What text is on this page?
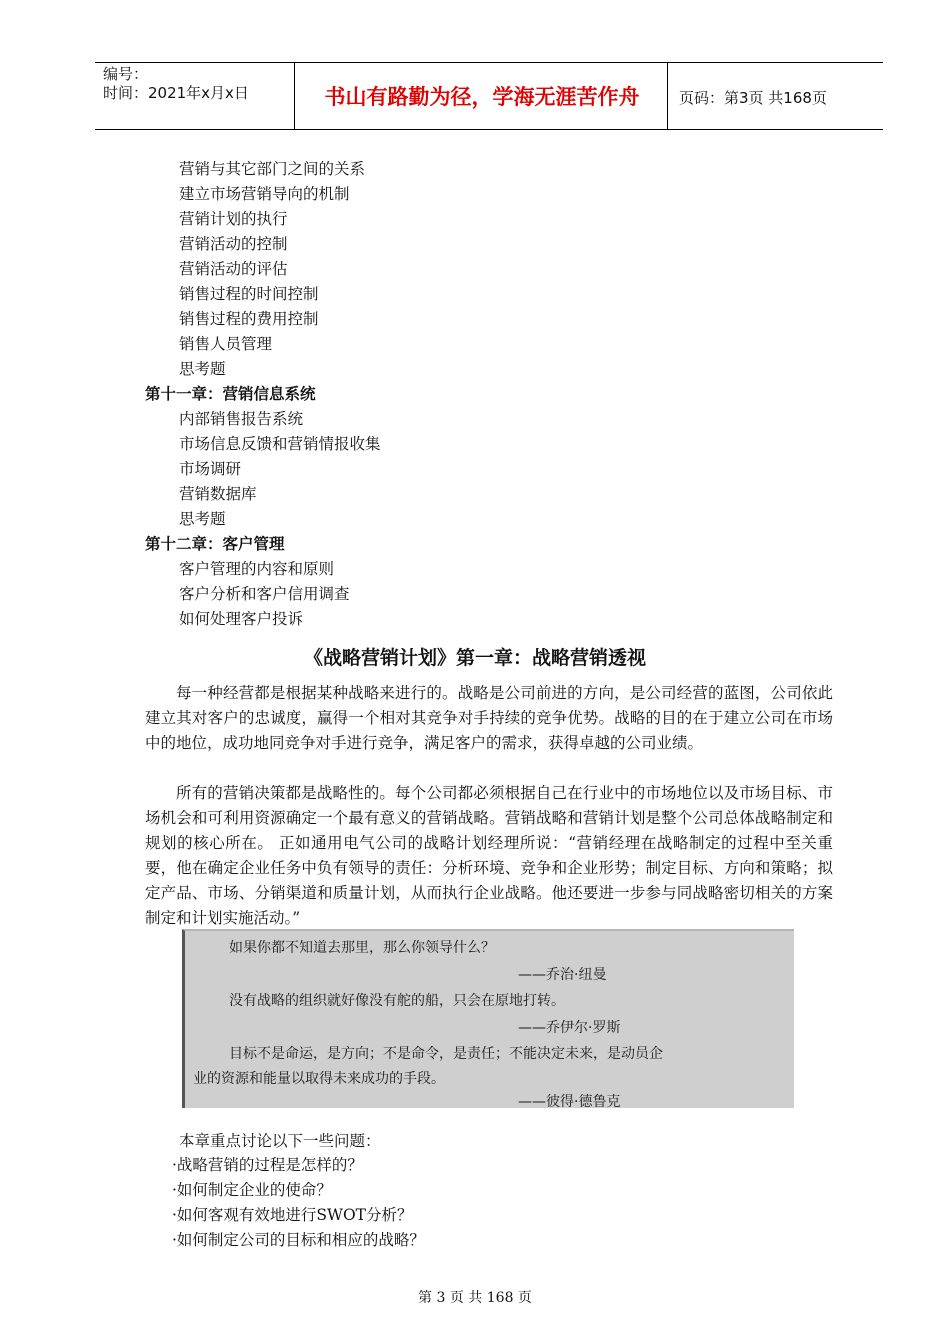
编号：
时间：2021年x月x日	书山有路勤为径，学海无涯苦作舟	页码：第3页 共168页
营销与其它部门之间的关系
建立市场营销导向的机制
营销计划的执行
营销活动的控制
营销活动的评估
销售过程的时间控制
销售过程的费用控制
销售人员管理
思考题
第十一章：营销信息系统
内部销售报告系统
市场信息反馈和营销情报收集
市场调研
营销数据库
思考题
第十二章：客户管理
客户管理的内容和原则
客户分析和客户信用调查
如何处理客户投诉
《战略营销计划》第一章：战略营销透视

每一种经营都是根据某种战略来进行的。战略是公司前进的方向，是公司经营的蓝图，公司依此建立其对客户的忠诚度，赢得一个相对其竞争对手持续的竞争优势。战略的目的在于建立公司在市场中的地位，成功地同竞争对手进行竞争，满足客户的需求，获得卓越的公司业绩。

所有的营销决策都是战略性的。每个公司都必须根据自己在行业中的市场地位以及市场目标、市场机会和可利用资源确定一个最有意义的营销战略。营销战略和营销计划是整个公司总体战略制定和规划的核心所在。 正如通用电气公司的战略计划经理所说：“营销经理在战略制定的过程中至关重要，他在确定企业任务中负有领导的责任：分析环境、竞争和企业形势；制定目标、方向和策略；拟定产品、市场、分销渠道和质量计划，从而执行企业战略。他还要进一步参与同战略密切相关的方案制定和计划实施活动。”

如果你都不知道去那里，那么你领导什么？
——乔治·纽曼
没有战略的组织就好像没有舵的船，只会在原地打转。
——乔伊尔·罗斯
目标不是命运，是方向；不是命令，是责任；不能决定未来，是动员企
业的资源和能量以取得未来成功的手段。
——彼得·德鲁克
本章重点讨论以下一些问题：
·战略营销的过程是怎样的？
·如何制定企业的使命？
·如何客观有效地进行SWOT分析？
·如何制定公司的目标和相应的战略？
第 3 页 共 168 页
